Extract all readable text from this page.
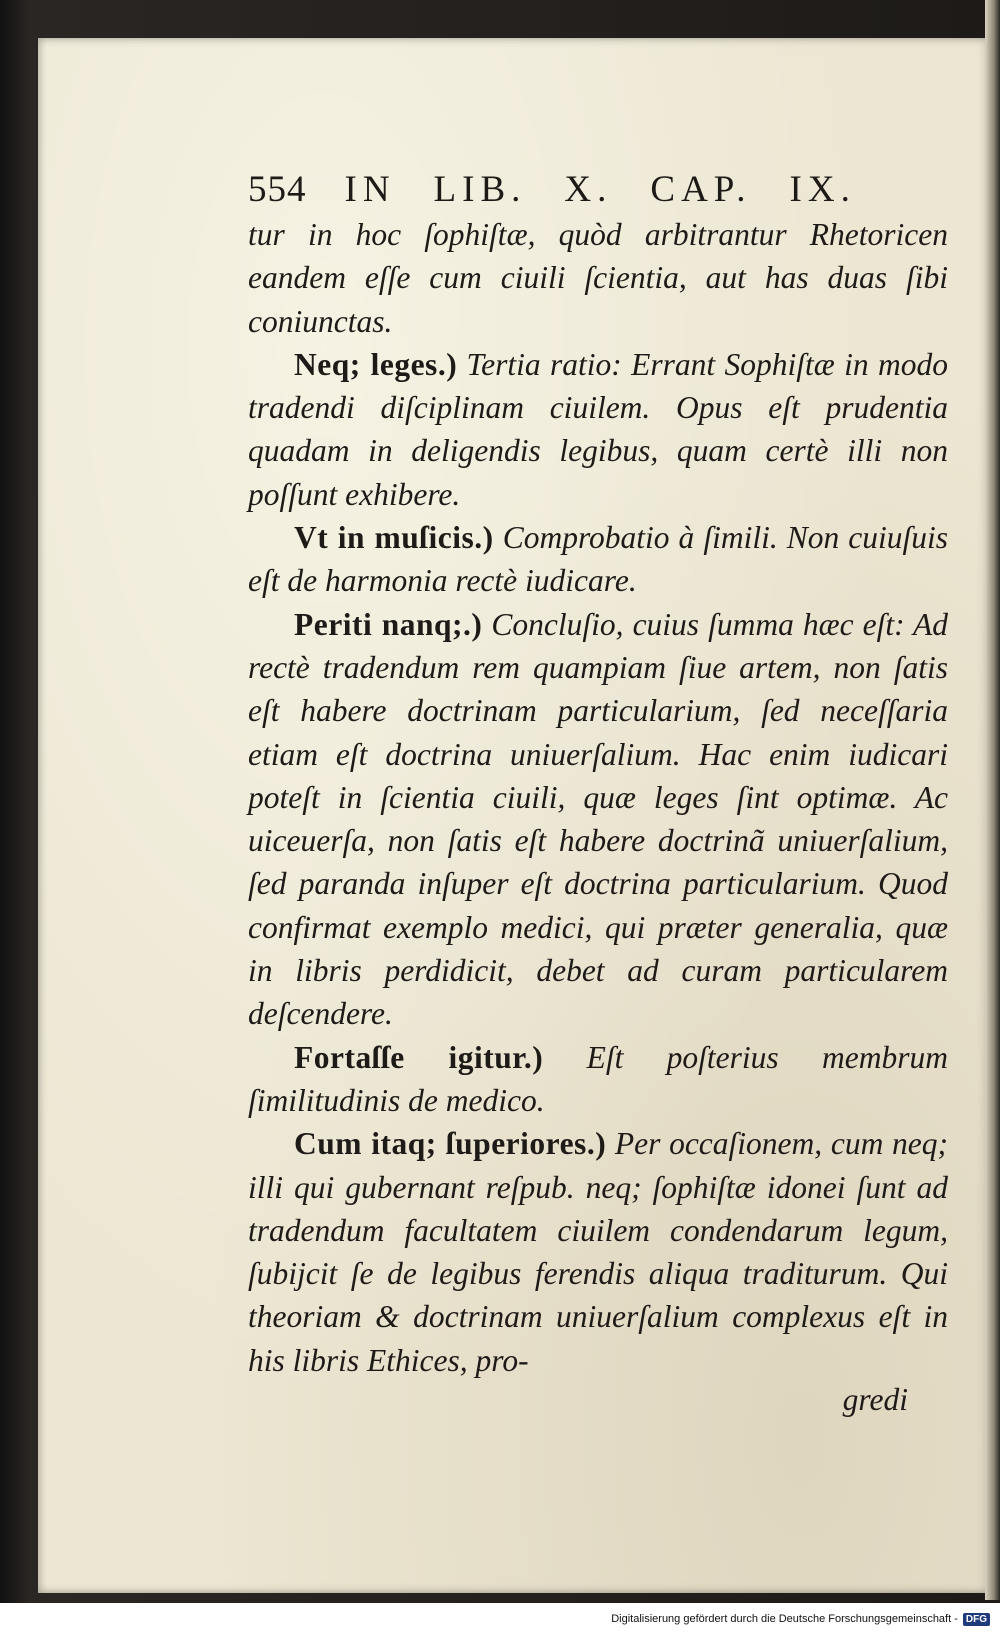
554 IN LIB. X. CAP. IX.

tur in hoc ſophiſtæ, quòd arbitrantur Rhetoricen eandem eſſe cum ciuili ſcientia, aut has duas ſibi coniunctas.

Neq; leges.) Tertia ratio: Errant Sophiſtæ in modo tradendi diſciplinam ciuilem. Opus eſt prudentia quadam in deligendis legibus, quam certè illi non poſſunt exhibere.

Vt in muſicis.) Comprobatio à ſimili. Non cuiuſuis eſt de harmonia rectè iudicare.

Periti nanq;.) Concluſio, cuius ſumma hæc eſt: Ad rectè tradendum rem quampiam ſiue artem, non ſatis eſt habere doctrinam particularium, ſed neceſſaria etiam eſt doctrina uniuerſalium. Hac enim iudicari poteſt in ſcientia ciuili, quæ leges ſint optimæ. Ac uiceuerſa, non ſatis eſt habere doctrinã uniuerſalium, ſed paranda inſuper eſt doctrina particularium. Quod confirmat exemplo medici, qui præter generalia, quæ in libris perdidicit, debet ad curam particularem deſcendere.

Fortaſſe igitur.) Eſt poſterius membrum ſimilitudinis de medico.

Cum itaq; ſuperiores.) Per occaſionem, cum neq; illi qui gubernant reſpub. neq; ſophiſtæ idonei ſunt ad tradendum facultatem ciuilem condendarum legum, ſubijcit ſe de legibus ferendis aliqua traditurum. Qui theoriam & doctrinam uniuerſalium complexus eſt in his libris Ethices, pro-

gredi
Digitalisierung gefördert durch die Deutsche Forschungsgemeinschaft - DFG
